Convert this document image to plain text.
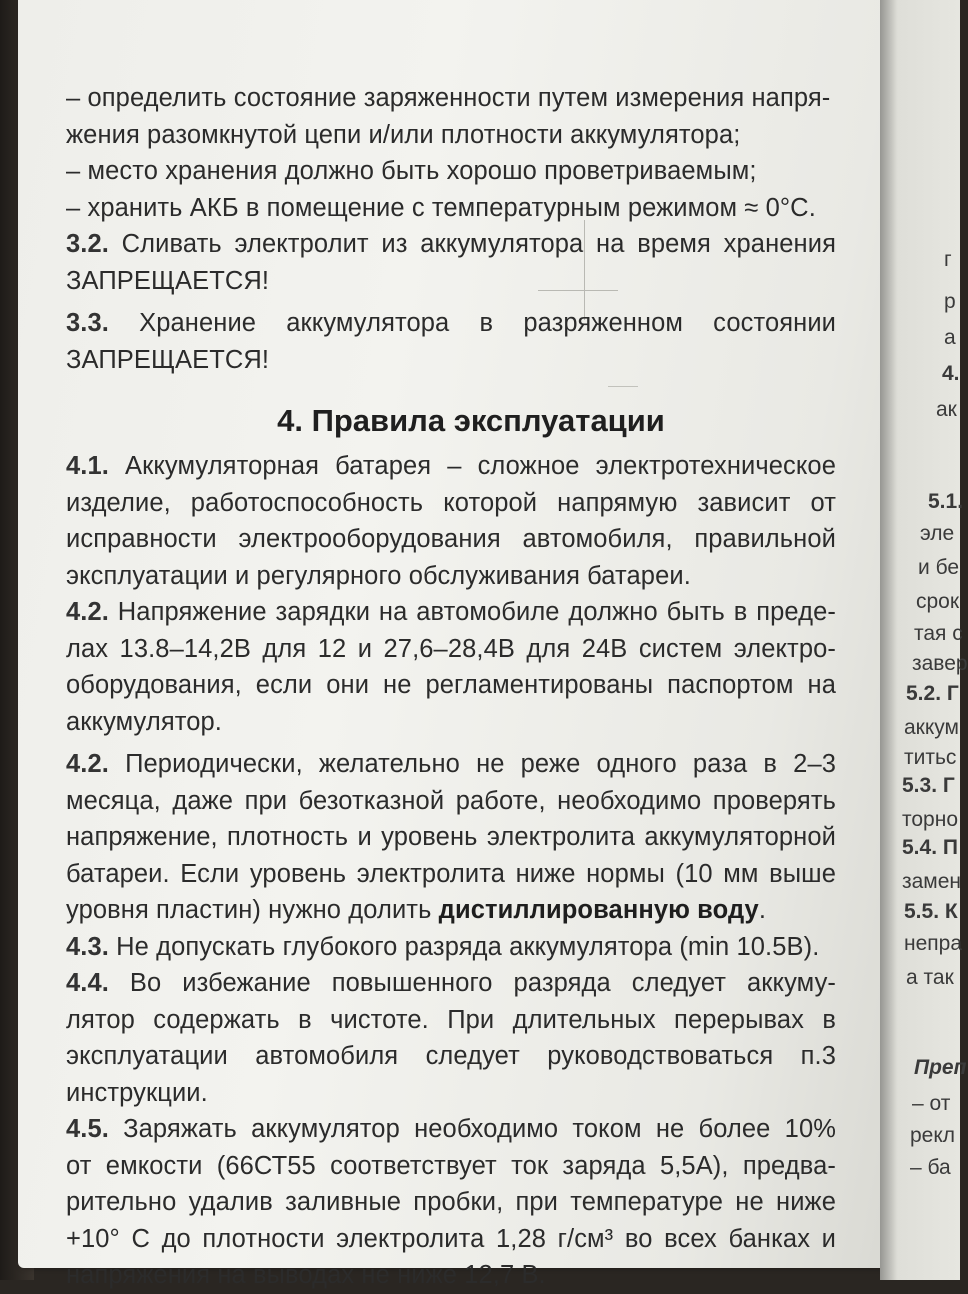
– определить состояние заряженности путем измерения напря-
жения разомкнутой цепи и/или плотности аккумулятора;
– место хранения должно быть хорошо проветриваемым;
– хранить АКБ в помещение с температурным режимом ≈ 0°С.
3.2. Сливать электролит из аккумулятора на время хранения
ЗАПРЕЩАЕТСЯ!
3.3. Хранение аккумулятора в разряженном состоянии
ЗАПРЕЩАЕТСЯ!
4. Правила эксплуатации
4.1. Аккумуляторная батарея – сложное электротехническое
изделие, работоспособность которой напрямую зависит от
исправности электрооборудования автомобиля, правильной
эксплуатации и регулярного обслуживания батареи.
4.2. Напряжение зарядки на автомобиле должно быть в преде-
лах 13.8–14,2В для 12 и 27,6–28,4В для 24В систем электро-
оборудования, если они не регламентированы паспортом на
аккумулятор.
4.2. Периодически, желательно не реже одного раза в 2–3
месяца, даже при безотказной работе, необходимо проверять
напряжение, плотность и уровень электролита аккумуляторной
батареи. Если уровень электролита ниже нормы (10 мм выше
уровня пластин) нужно долить дистиллированную воду.
4.3. Не допускать глубокого разряда аккумулятора (min 10.5В).
4.4. Во избежание повышенного разряда следует аккуму-
лятор содержать в чистоте. При длительных перерывах в
эксплуатации автомобиля следует руководствоваться п.3
инструкции.
4.5. Заряжать аккумулятор необходимо током не более 10%
от емкости (66СТ55 соответствует ток заряда 5,5А), предва-
рительно удалив заливные пробки, при температуре не ниже
+10° С до плотности электролита 1,28 г/см³ во всех банках и
напряжения на выводах не ниже 12,7 В.
г
р
а
4.
ак
5.1.
эле
и бе
срок
тая с
завер
5.2. Г
аккум
титьс
5.3. Г
торно
5.4. П
замен
5.5. К
непра
а так
Преп
– от
рекл
– ба
